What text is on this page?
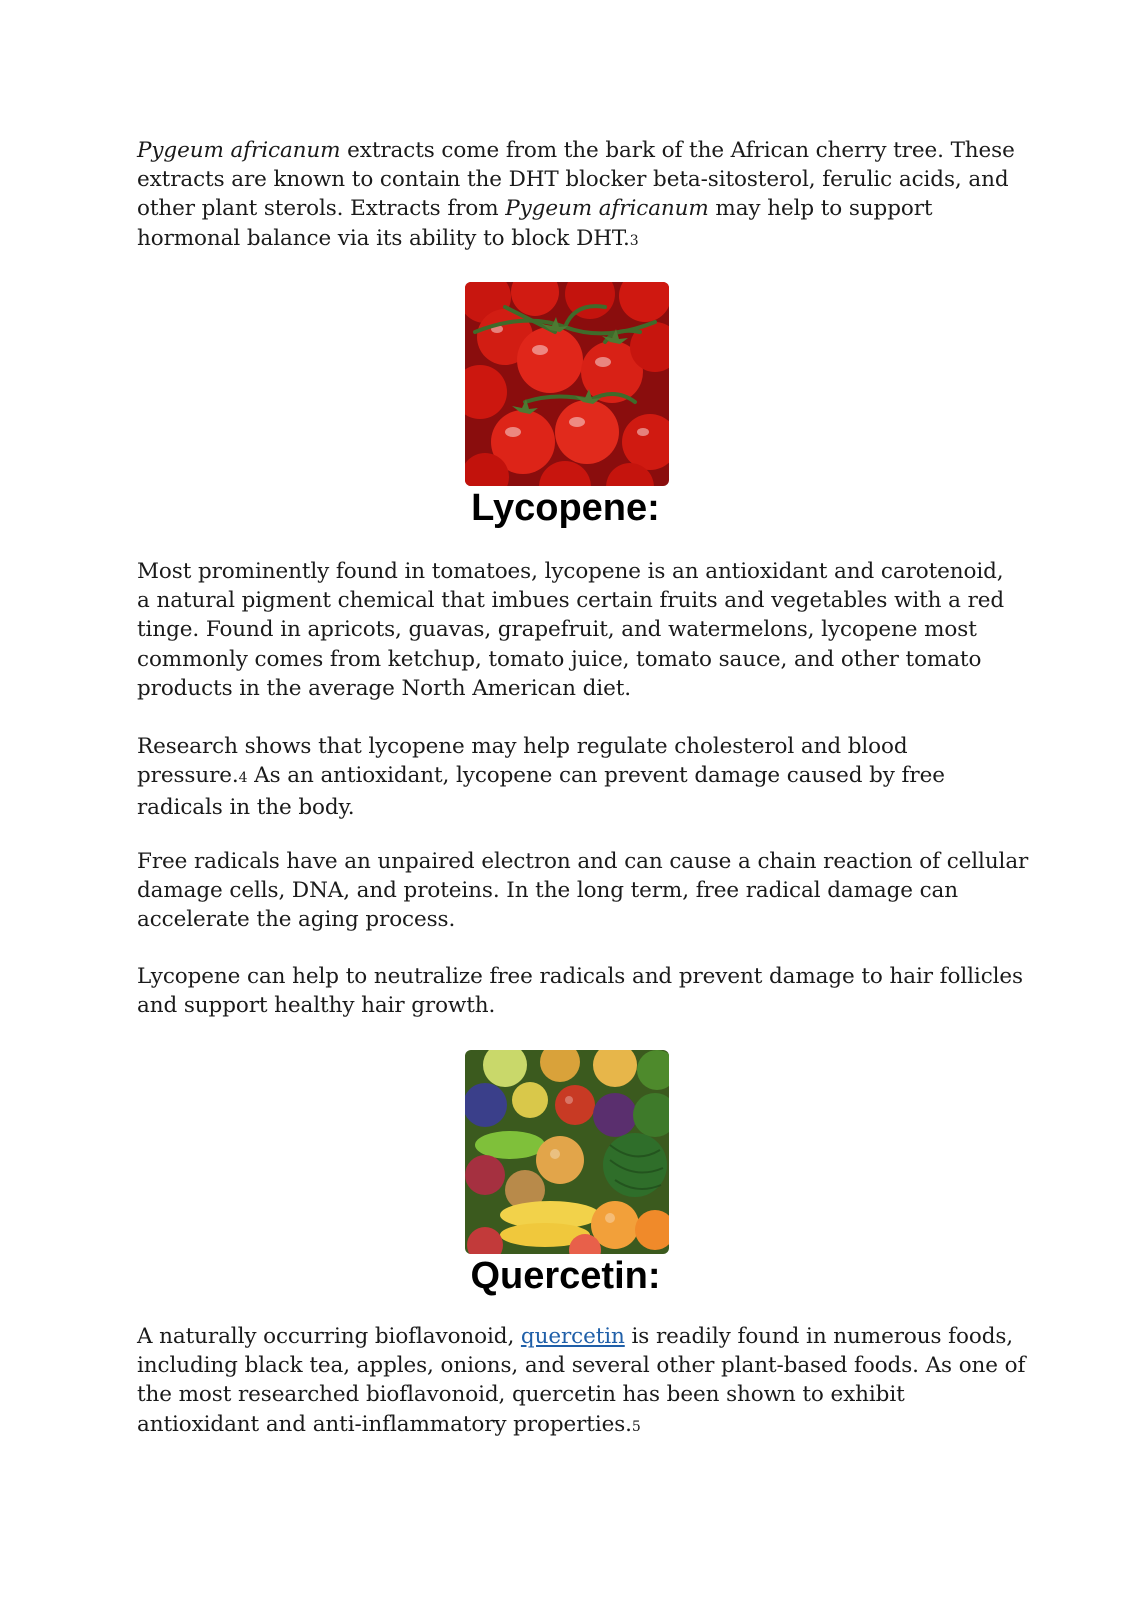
Pygeum africanum extracts come from the bark of the African cherry tree. These
extracts are known to contain the DHT blocker beta-sitosterol, ferulic acids, and
other plant sterols. Extracts from Pygeum africanum may help to support
hormonal balance via its ability to block DHT.3

Lycopene:

Most prominently found in tomatoes, lycopene is an antioxidant and carotenoid,
a natural pigment chemical that imbues certain fruits and vegetables with a red
tinge. Found in apricots, guavas, grapefruit, and watermelons, lycopene most
commonly comes from ketchup, tomato juice, tomato sauce, and other tomato
products in the average North American diet.

Research shows that lycopene may help regulate cholesterol and blood
pressure.4 As an antioxidant, lycopene can prevent damage caused by free
radicals in the body.

Free radicals have an unpaired electron and can cause a chain reaction of cellular
damage cells, DNA, and proteins. In the long term, free radical damage can
accelerate the aging process.

Lycopene can help to neutralize free radicals and prevent damage to hair follicles
and support healthy hair growth.

Quercetin:

A naturally occurring bioflavonoid, quercetin is readily found in numerous foods,
including black tea, apples, onions, and several other plant-based foods. As one of
the most researched bioflavonoid, quercetin has been shown to exhibit
antioxidant and anti-inflammatory properties.5
